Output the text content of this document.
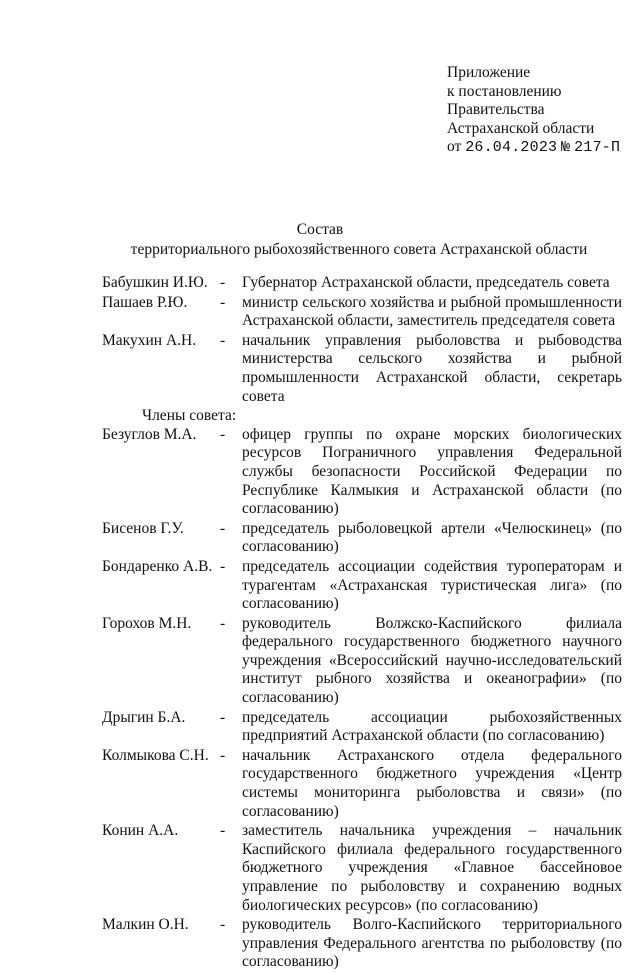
Приложение
к постановлению
Правительства
Астраханской области
от 26.04.2023 № 217-П
Состав
территориального рыбохозяйственного совета Астраханской области
Бабушкин И.Ю. -	Губернатор Астраханской области, председатель совета
Пашаев Р.Ю.	-	министр сельского хозяйства и рыбной промышленности Астраханской области, заместитель председателя совета
Макухин А.Н.	-	начальник управления рыболовства и рыбоводства министерства сельского хозяйства и рыбной промышленности Астраханской области, секретарь совета
Члены совета:
Безуглов М.А.	-	офицер группы по охране морских биологических ресурсов Пограничного управления Федеральной службы безопасности Российской Федерации по Республике Калмыкия и Астраханской области (по согласованию)
Бисенов Г.У.	-	председатель рыболовецкой артели «Челюскинец» (по согласованию)
Бондаренко А.В. -	председатель ассоциации содействия туроператорам и турагентам «Астраханская туристическая лига» (по согласованию)
Горохов М.Н.	-	руководитель Волжско-Каспийского филиала федерального государственного бюджетного научного учреждения «Всероссийский научно-исследовательский институт рыбного хозяйства и океанографии» (по согласованию)
Дрыгин Б.А.	-	председатель ассоциации рыбохозяйственных предприятий Астраханской области (по согласованию)
Колмыкова С.Н. -	начальник Астраханского отдела федерального государственного бюджетного учреждения «Центр системы мониторинга рыболовства и связи» (по согласованию)
Конин А.А.	-	заместитель начальника учреждения – начальник Каспийского филиала федерального государственного бюджетного учреждения «Главное бассейновое управление по рыболовству и сохранению водных биологических ресурсов» (по согласованию)
Малкин О.Н.	-	руководитель Волго-Каспийского территориального управления Федерального агентства по рыболовству (по согласованию)
